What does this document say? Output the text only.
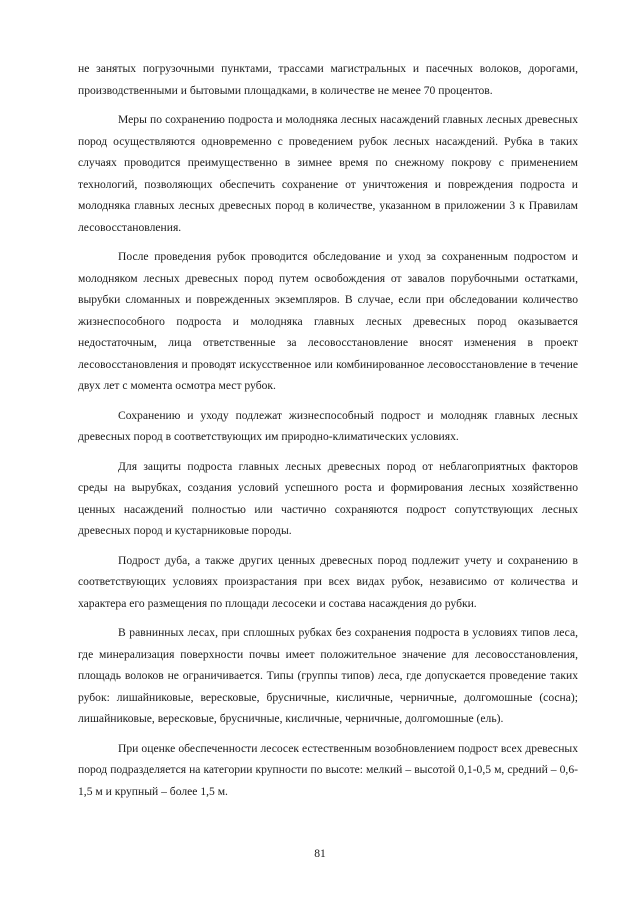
не занятых погрузочными пунктами, трассами магистральных и пасечных волоков, дорогами, производственными и бытовыми площадками, в количестве не менее 70 процентов.

Меры по сохранению подроста и молодняка лесных насаждений главных лесных древесных пород осуществляются одновременно с проведением рубок лесных насаждений. Рубка в таких случаях проводится преимущественно в зимнее время по снежному покрову с применением технологий, позволяющих обеспечить сохранение от уничтожения и повреждения подроста и молодняка главных лесных древесных пород в количестве, указанном в приложении 3 к Правилам лесовосстановления.

После проведения рубок проводится обследование и уход за сохраненным подростом и молодняком лесных древесных пород путем освобождения от завалов порубочными остатками, вырубки сломанных и поврежденных экземпляров. В случае, если при обследовании количество жизнеспособного подроста и молодняка главных лесных древесных пород оказывается недостаточным, лица ответственные за лесовосстановление вносят изменения в проект лесовосстановления и проводят искусственное или комбинированное лесовосстановление в течение двух лет с момента осмотра мест рубок.

Сохранению и уходу подлежат жизнеспособный подрост и молодняк главных лесных древесных пород в соответствующих им природно-климатических условиях.

Для защиты подроста главных лесных древесных пород от неблагоприятных факторов среды на вырубках, создания условий успешного роста и формирования лесных хозяйственно ценных насаждений полностью или частично сохраняются подрост сопутствующих лесных древесных пород и кустарниковые породы.

Подрост дуба, а также других ценных древесных пород подлежит учету и сохранению в соответствующих условиях произрастания при всех видах рубок, независимо от количества и характера его размещения по площади лесосеки и состава насаждения до рубки.

В равнинных лесах, при сплошных рубках без сохранения подроста в условиях типов леса, где минерализация поверхности почвы имеет положительное значение для лесовосстановления, площадь волоков не ограничивается. Типы (группы типов) леса, где допускается проведение таких рубок: лишайниковые, вересковые, брусничные, кисличные, черничные, долгомошные (сосна); лишайниковые, вересковые, брусничные, кисличные, черничные, долгомошные (ель).

При оценке обеспеченности лесосек естественным возобновлением подрост всех древесных пород подразделяется на категории крупности по высоте: мелкий – высотой 0,1-0,5 м, средний – 0,6-1,5 м и крупный – более 1,5 м.

81
